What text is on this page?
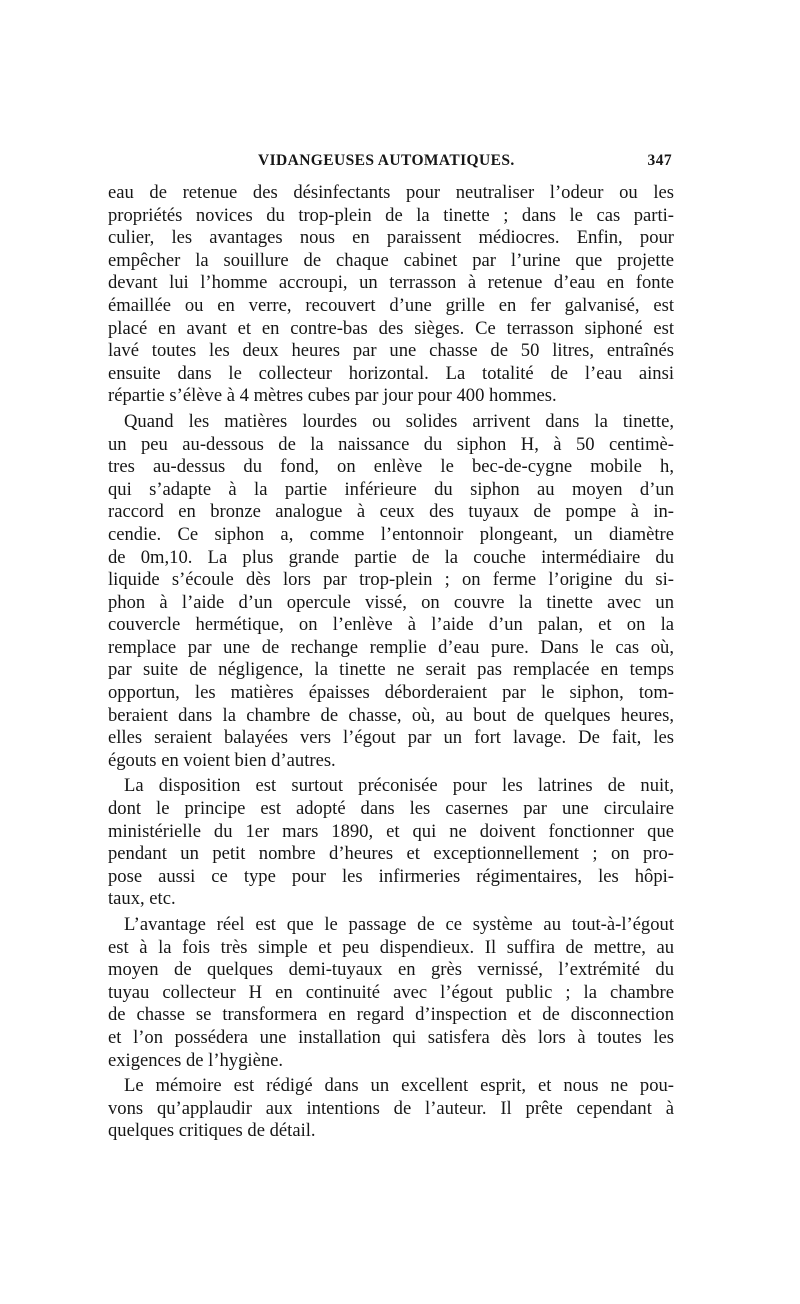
VIDANGEUSES AUTOMATIQUES.	347

eau de retenue des désinfectants pour neutraliser l’odeur ou les
propriétés novices du trop-plein de la tinette ; dans le cas parti-
culier, les avantages nous en paraissent médiocres. Enfin, pour
empêcher la souillure de chaque cabinet par l’urine que projette
devant lui l’homme accroupi, un terrasson à retenue d’eau en fonte
émaillée ou en verre, recouvert d’une grille en fer galvanisé, est
placé en avant et en contre-bas des sièges. Ce terrasson siphoné est
lavé toutes les deux heures par une chasse de 50 litres, entraînés
ensuite dans le collecteur horizontal. La totalité de l’eau ainsi
répartie s’élève à 4 mètres cubes par jour pour 400 hommes.

Quand les matières lourdes ou solides arrivent dans la tinette,
un peu au-dessous de la naissance du siphon H, à 50 centimè-
tres au-dessus du fond, on enlève le bec-de-cygne mobile h,
qui s’adapte à la partie inférieure du siphon au moyen d’un
raccord en bronze analogue à ceux des tuyaux de pompe à in-
cendie. Ce siphon a, comme l’entonnoir plongeant, un diamètre
de 0m,10. La plus grande partie de la couche intermédiaire du
liquide s’écoule dès lors par trop-plein ; on ferme l’origine du si-
phon à l’aide d’un opercule vissé, on couvre la tinette avec un
couvercle hermétique, on l’enlève à l’aide d’un palan, et on la
remplace par une de rechange remplie d’eau pure. Dans le cas où,
par suite de négligence, la tinette ne serait pas remplacée en temps
opportun, les matières épaisses déborderaient par le siphon, tom-
beraient dans la chambre de chasse, où, au bout de quelques heures,
elles seraient balayées vers l’égout par un fort lavage. De fait, les
égouts en voient bien d’autres.

La disposition est surtout préconisée pour les latrines de nuit,
dont le principe est adopté dans les casernes par une circulaire
ministérielle du 1er mars 1890, et qui ne doivent fonctionner que
pendant un petit nombre d’heures et exceptionnellement ; on pro-
pose aussi ce type pour les infirmeries régimentaires, les hôpi-
taux, etc.

L’avantage réel est que le passage de ce système au tout-à-l’égout
est à la fois très simple et peu dispendieux. Il suffira de mettre, au
moyen de quelques demi-tuyaux en grès vernissé, l’extrémité du
tuyau collecteur H en continuité avec l’égout public ; la chambre
de chasse se transformera en regard d’inspection et de disconnection
et l’on possédera une installation qui satisfera dès lors à toutes les
exigences de l’hygiène.

Le mémoire est rédigé dans un excellent esprit, et nous ne pou-
vons qu’applaudir aux intentions de l’auteur. Il prête cependant à
quelques critiques de détail.
